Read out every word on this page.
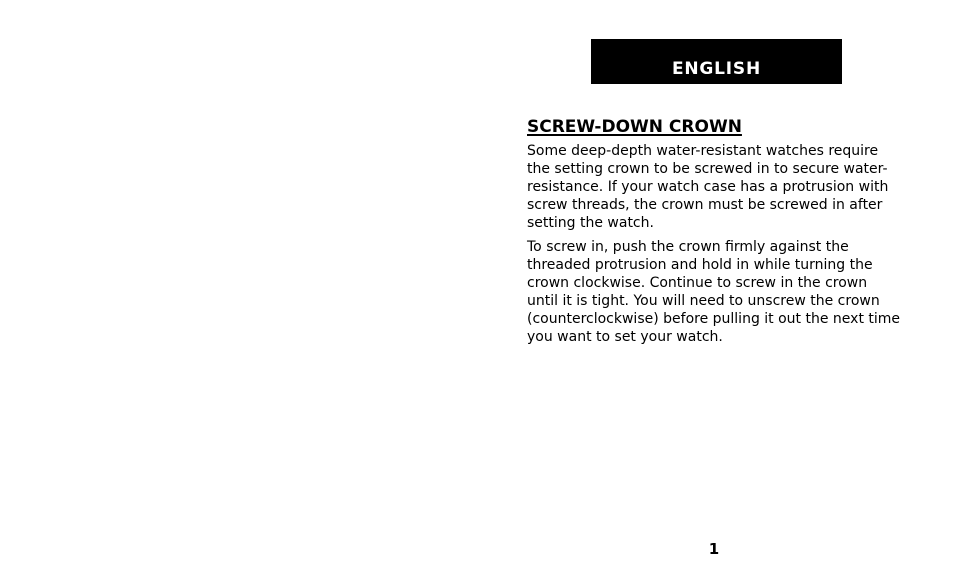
ENGLISH
SCREW-DOWN CROWN

Some deep-depth water-resistant watches require
the setting crown to be screwed in to secure water-
resistance. If your watch case has a protrusion with
screw threads, the crown must be screwed in after
setting the watch.

To screw in, push the crown firmly against the
threaded protrusion and hold in while turning the
crown clockwise. Continue to screw in the crown
until it is tight. You will need to unscrew the crown
(counterclockwise) before pulling it out the next time
you want to set your watch.

1
